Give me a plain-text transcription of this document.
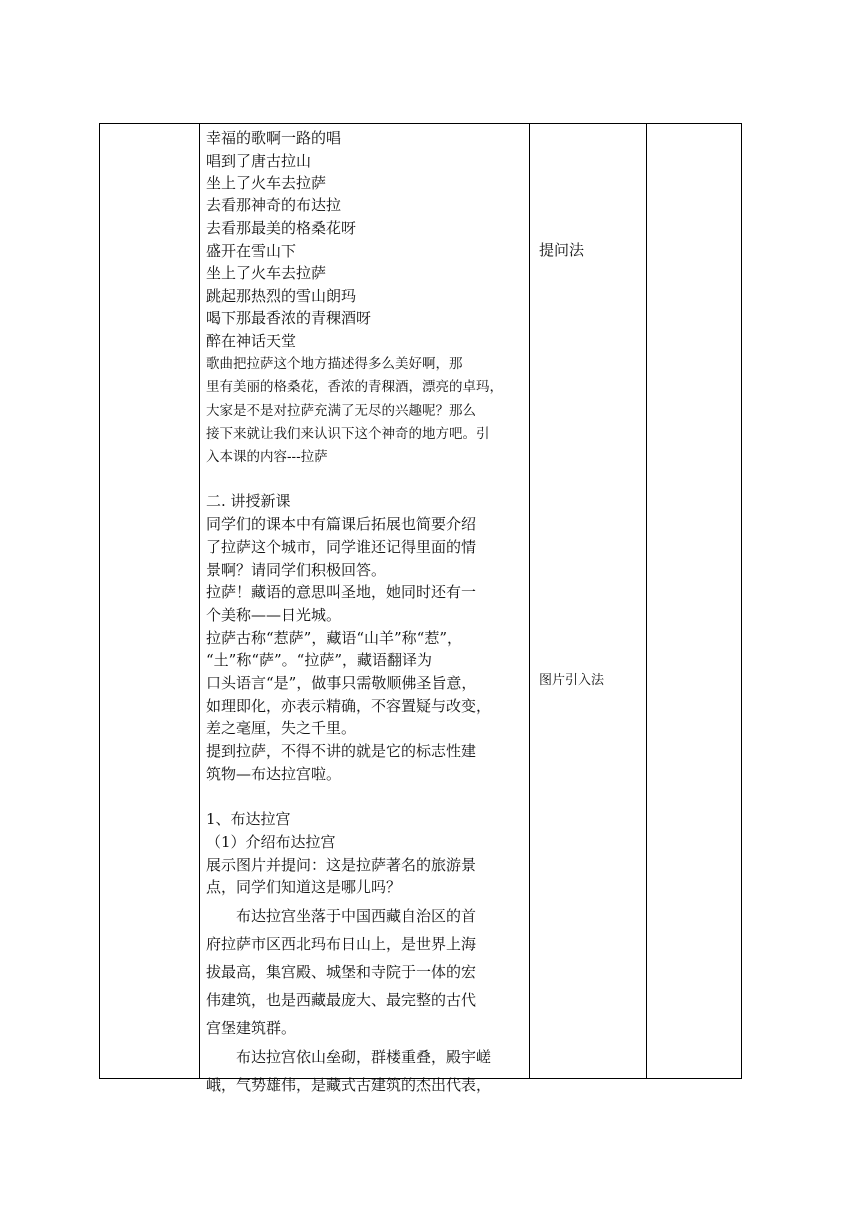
幸福的歌啊一路的唱
唱到了唐古拉山
坐上了火车去拉萨
去看那神奇的布达拉
去看那最美的格桑花呀
盛开在雪山下
坐上了火车去拉萨
跳起那热烈的雪山朗玛
喝下那最香浓的青稞酒呀
醉在神话天堂
歌曲把拉萨这个地方描述得多么美好啊，那
里有美丽的格桑花，香浓的青稞酒，漂亮的卓玛，
大家是不是对拉萨充满了无尽的兴趣呢？那么
接下来就让我们来认识下这个神奇的地方吧。引
入本课的内容---拉萨
二. 讲授新课
同学们的课本中有篇课后拓展也简要介绍
了拉萨这个城市，同学谁还记得里面的情
景啊？请同学们积极回答。
拉萨！藏语的意思叫圣地，她同时还有一
个美称——日光城。
拉萨古称“惹萨”，藏语“山羊”称“惹”，
“土”称“萨”。“拉萨”，藏语翻译为
口头语言“是”，做事只需敬顺佛圣旨意，
如理即化，亦表示精确，不容置疑与改变，
差之毫厘，失之千里。
提到拉萨，不得不讲的就是它的标志性建
筑物—布达拉宫啦。
1、布达拉宫
（1）介绍布达拉宫
展示图片并提问：这是拉萨著名的旅游景
点，同学们知道这是哪儿吗？
　　布达拉宫坐落于中国西藏自治区的首
府拉萨市区西北玛布日山上，是世界上海
拔最高，集宫殿、城堡和寺院于一体的宏
伟建筑，也是西藏最庞大、最完整的古代
宫堡建筑群。
　　布达拉宫依山垒砌，群楼重叠，殿宇嵯
峨，气势雄伟，是藏式古建筑的杰出代表，
提问法
图片引入法
